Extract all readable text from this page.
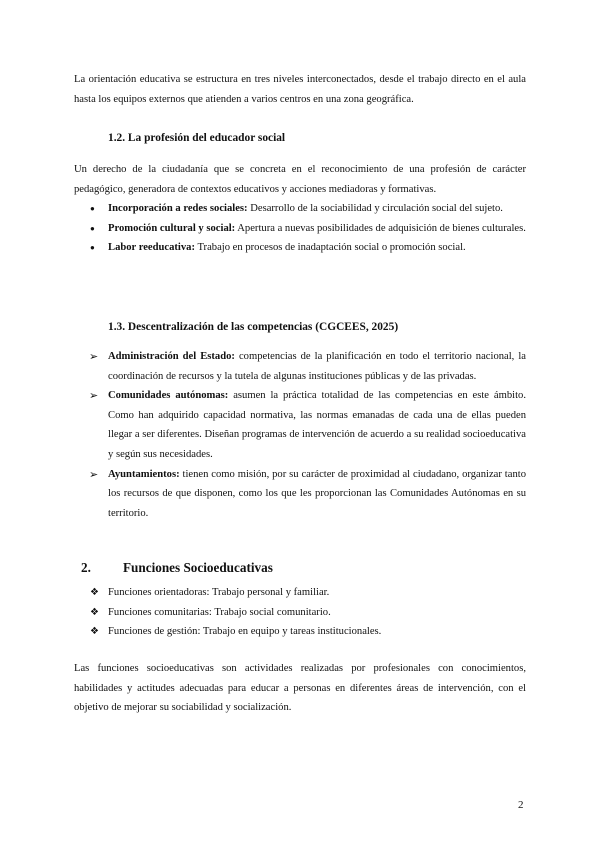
La orientación educativa se estructura en tres niveles interconectados, desde el trabajo directo en el aula hasta los equipos externos que atienden a varios centros en una zona geográfica.

1.2. La profesión del educador social

Un derecho de la ciudadanía que se concreta en el reconocimiento de una profesión de carácter pedagógico, generadora de contextos educativos y acciones mediadoras y formativas.

● Incorporación a redes sociales: Desarrollo de la sociabilidad y circulación social del sujeto.
● Promoción cultural y social: Apertura a nuevas posibilidades de adquisición de bienes culturales.
● Labor reeducativa: Trabajo en procesos de inadaptación social o promoción social.
1.3. Descentralización de las competencias (CGCEES, 2025)
➢ Administración del Estado: competencias de la planificación en todo el territorio nacional, la coordinación de recursos y la tutela de algunas instituciones públicas y de las privadas.
➢ Comunidades autónomas: asumen la práctica totalidad de las competencias en este ámbito. Como han adquirido capacidad normativa, las normas emanadas de cada una de ellas pueden llegar a ser diferentes. Diseñan programas de intervención de acuerdo a su realidad socioeducativa y según sus necesidades.
➢ Ayuntamientos: tienen como misión, por su carácter de proximidad al ciudadano, organizar tanto los recursos de que disponen, como los que les proporcionan las Comunidades Autónomas en su territorio.
2. Funciones Socioeducativas
❖ Funciones orientadoras: Trabajo personal y familiar.
❖ Funciones comunitarias: Trabajo social comunitario.
❖ Funciones de gestión: Trabajo en equipo y tareas institucionales.

Las funciones socioeducativas son actividades realizadas por profesionales con conocimientos, habilidades y actitudes adecuadas para educar a personas en diferentes áreas de intervención, con el objetivo de mejorar su sociabilidad y socialización.

2
